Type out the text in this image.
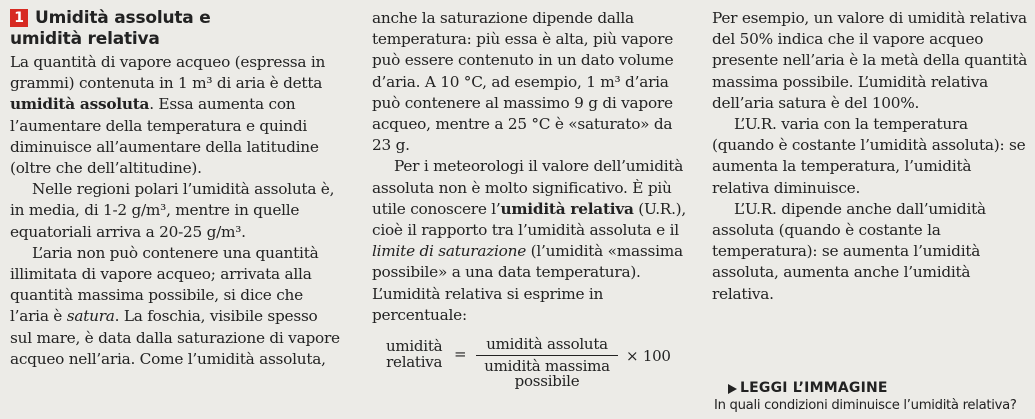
1 Umidità assoluta e
umidità relativa

La quantità di vapore acqueo (espressa in grammi) contenuta in 1 m³ di aria è detta umidità assoluta. Essa aumenta con l’aumentare della temperatura e quindi diminuisce all’aumentare della latitudine (oltre che dell’altitudine).

Nelle regioni polari l’umidità assoluta è, in media, di 1-2 g/m³, mentre in quelle equatoriali arriva a 20-25 g/m³.

L’aria non può contenere una quantità illimitata di vapore acqueo; arrivata alla quantità massima possibile, si dice che l’aria è satura. La foschia, visibile spesso sul mare, è data dalla saturazione di vapore acqueo nell’aria. Come l’umidità assoluta,

anche la saturazione dipende dalla temperatura: più essa è alta, più vapore può essere contenuto in un dato volume d’aria. A 10 °C, ad esempio, 1 m³ d’aria può contenere al massimo 9 g di vapore acqueo, mentre a 25 °C è «saturato» da 23 g.

Per i meteorologi il valore dell’umidità assoluta non è molto significativo. È più utile conoscere l’umidità relativa (U.R.), cioè il rapporto tra l’umidità assoluta e il limite di saturazione (l’umidità «massima possibile» a una data temperatura). L’umidità relativa si esprime in percentuale:

umidità
relativa =
umidità assoluta
umidità massima
possibile
× 100

Per esempio, un valore di umidità relativa del 50% indica che il vapore acqueo presente nell’aria è la metà della quantità massima possibile. L’umidità relativa dell’aria satura è del 100%.

L’U.R. varia con la temperatura (quando è costante l’umidità assoluta): se aumenta la temperatura, l’umidità relativa diminuisce.

L’U.R. dipende anche dall’umidità assoluta (quando è costante la temperatura): se aumenta l’umidità assoluta, aumenta anche l’umidità relativa.

LEGGI L’IMMAGINE
In quali condizioni diminuisce l’umidità relativa?
